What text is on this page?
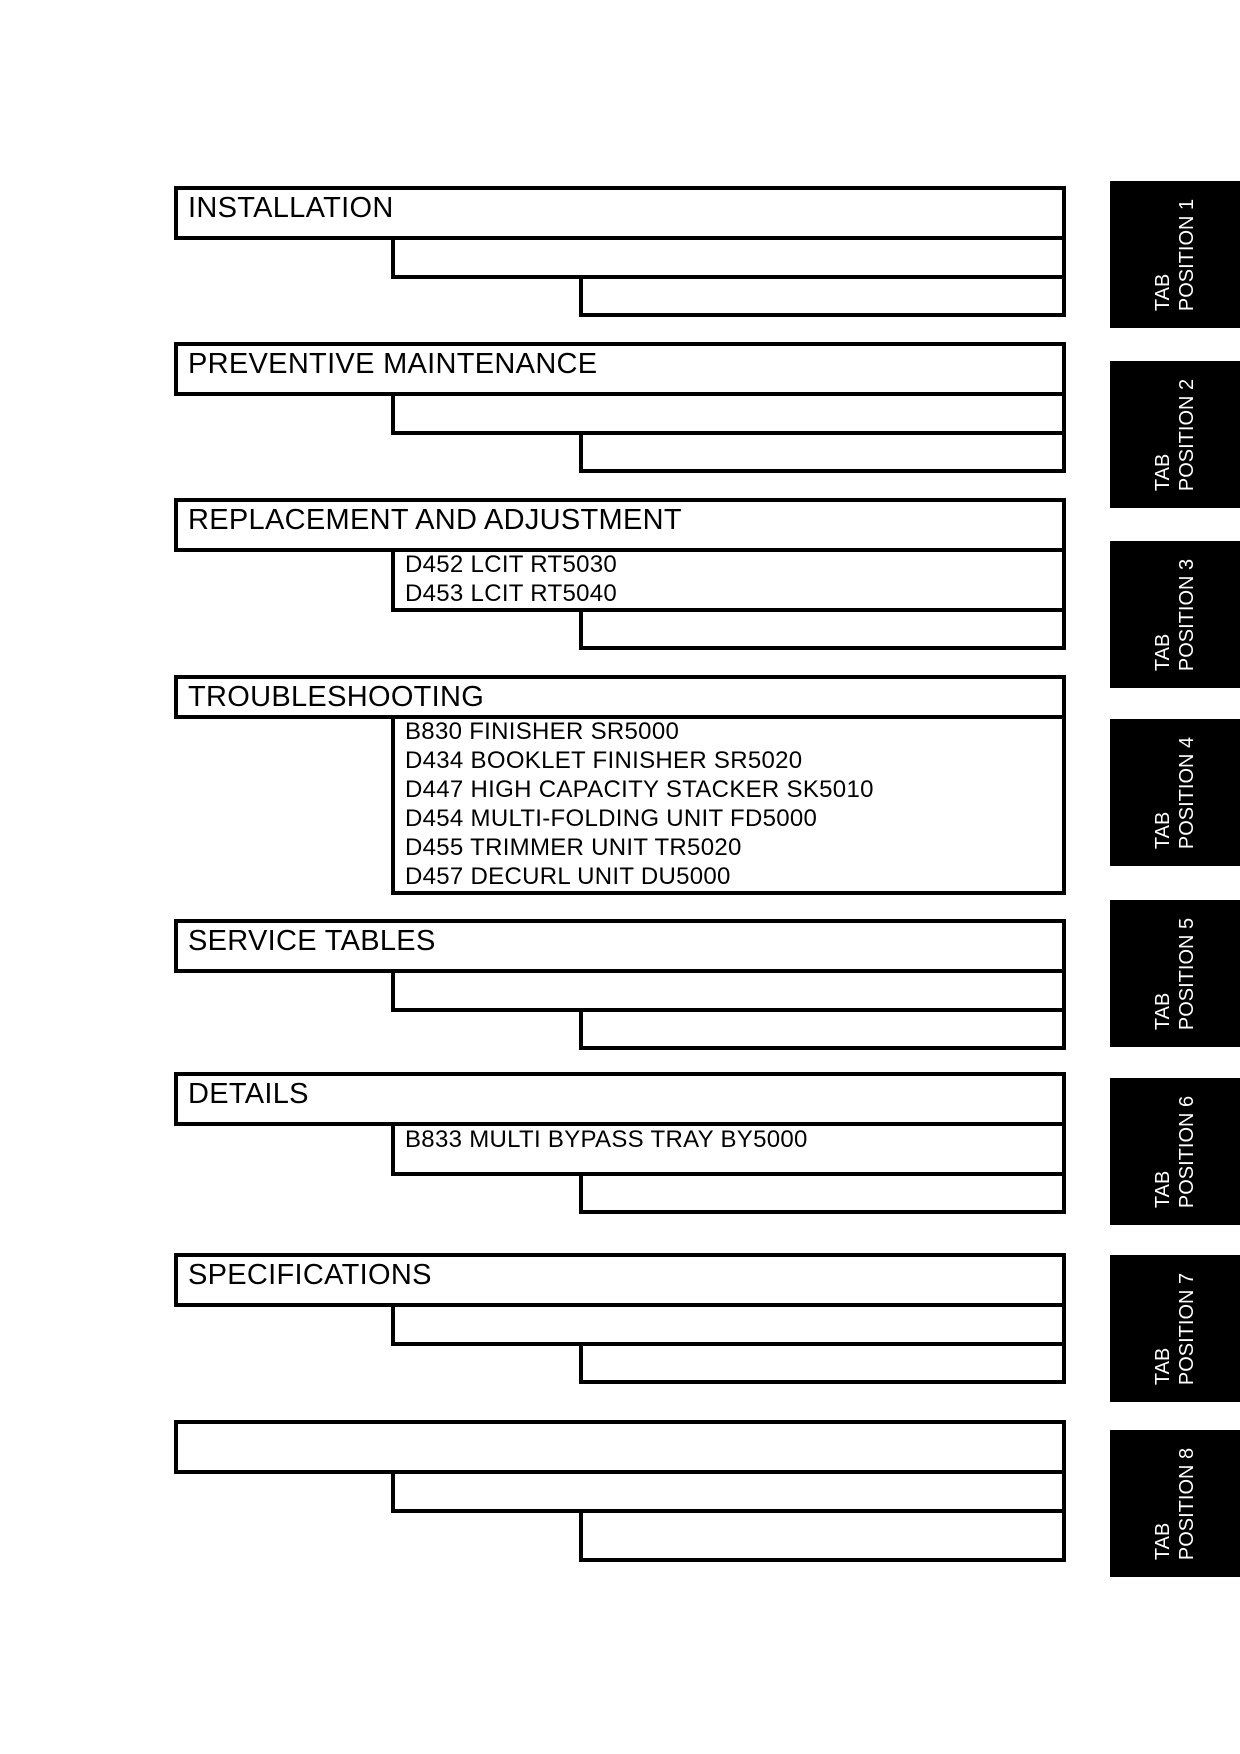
INSTALLATION
PREVENTIVE MAINTENANCE
REPLACEMENT AND ADJUSTMENT
D452 LCIT RT5030
D453 LCIT RT5040
TROUBLESHOOTING
B830 FINISHER SR5000
D434 BOOKLET FINISHER SR5020
D447 HIGH CAPACITY STACKER SK5010
D454 MULTI-FOLDING UNIT FD5000
D455 TRIMMER UNIT TR5020
D457 DECURL UNIT DU5000
SERVICE TABLES
DETAILS
B833 MULTI BYPASS TRAY BY5000
SPECIFICATIONS
TAB POSITION 1
TAB POSITION 2
TAB POSITION 3
TAB POSITION 4
TAB POSITION 5
TAB POSITION 6
TAB POSITION 7
TAB POSITION 8
